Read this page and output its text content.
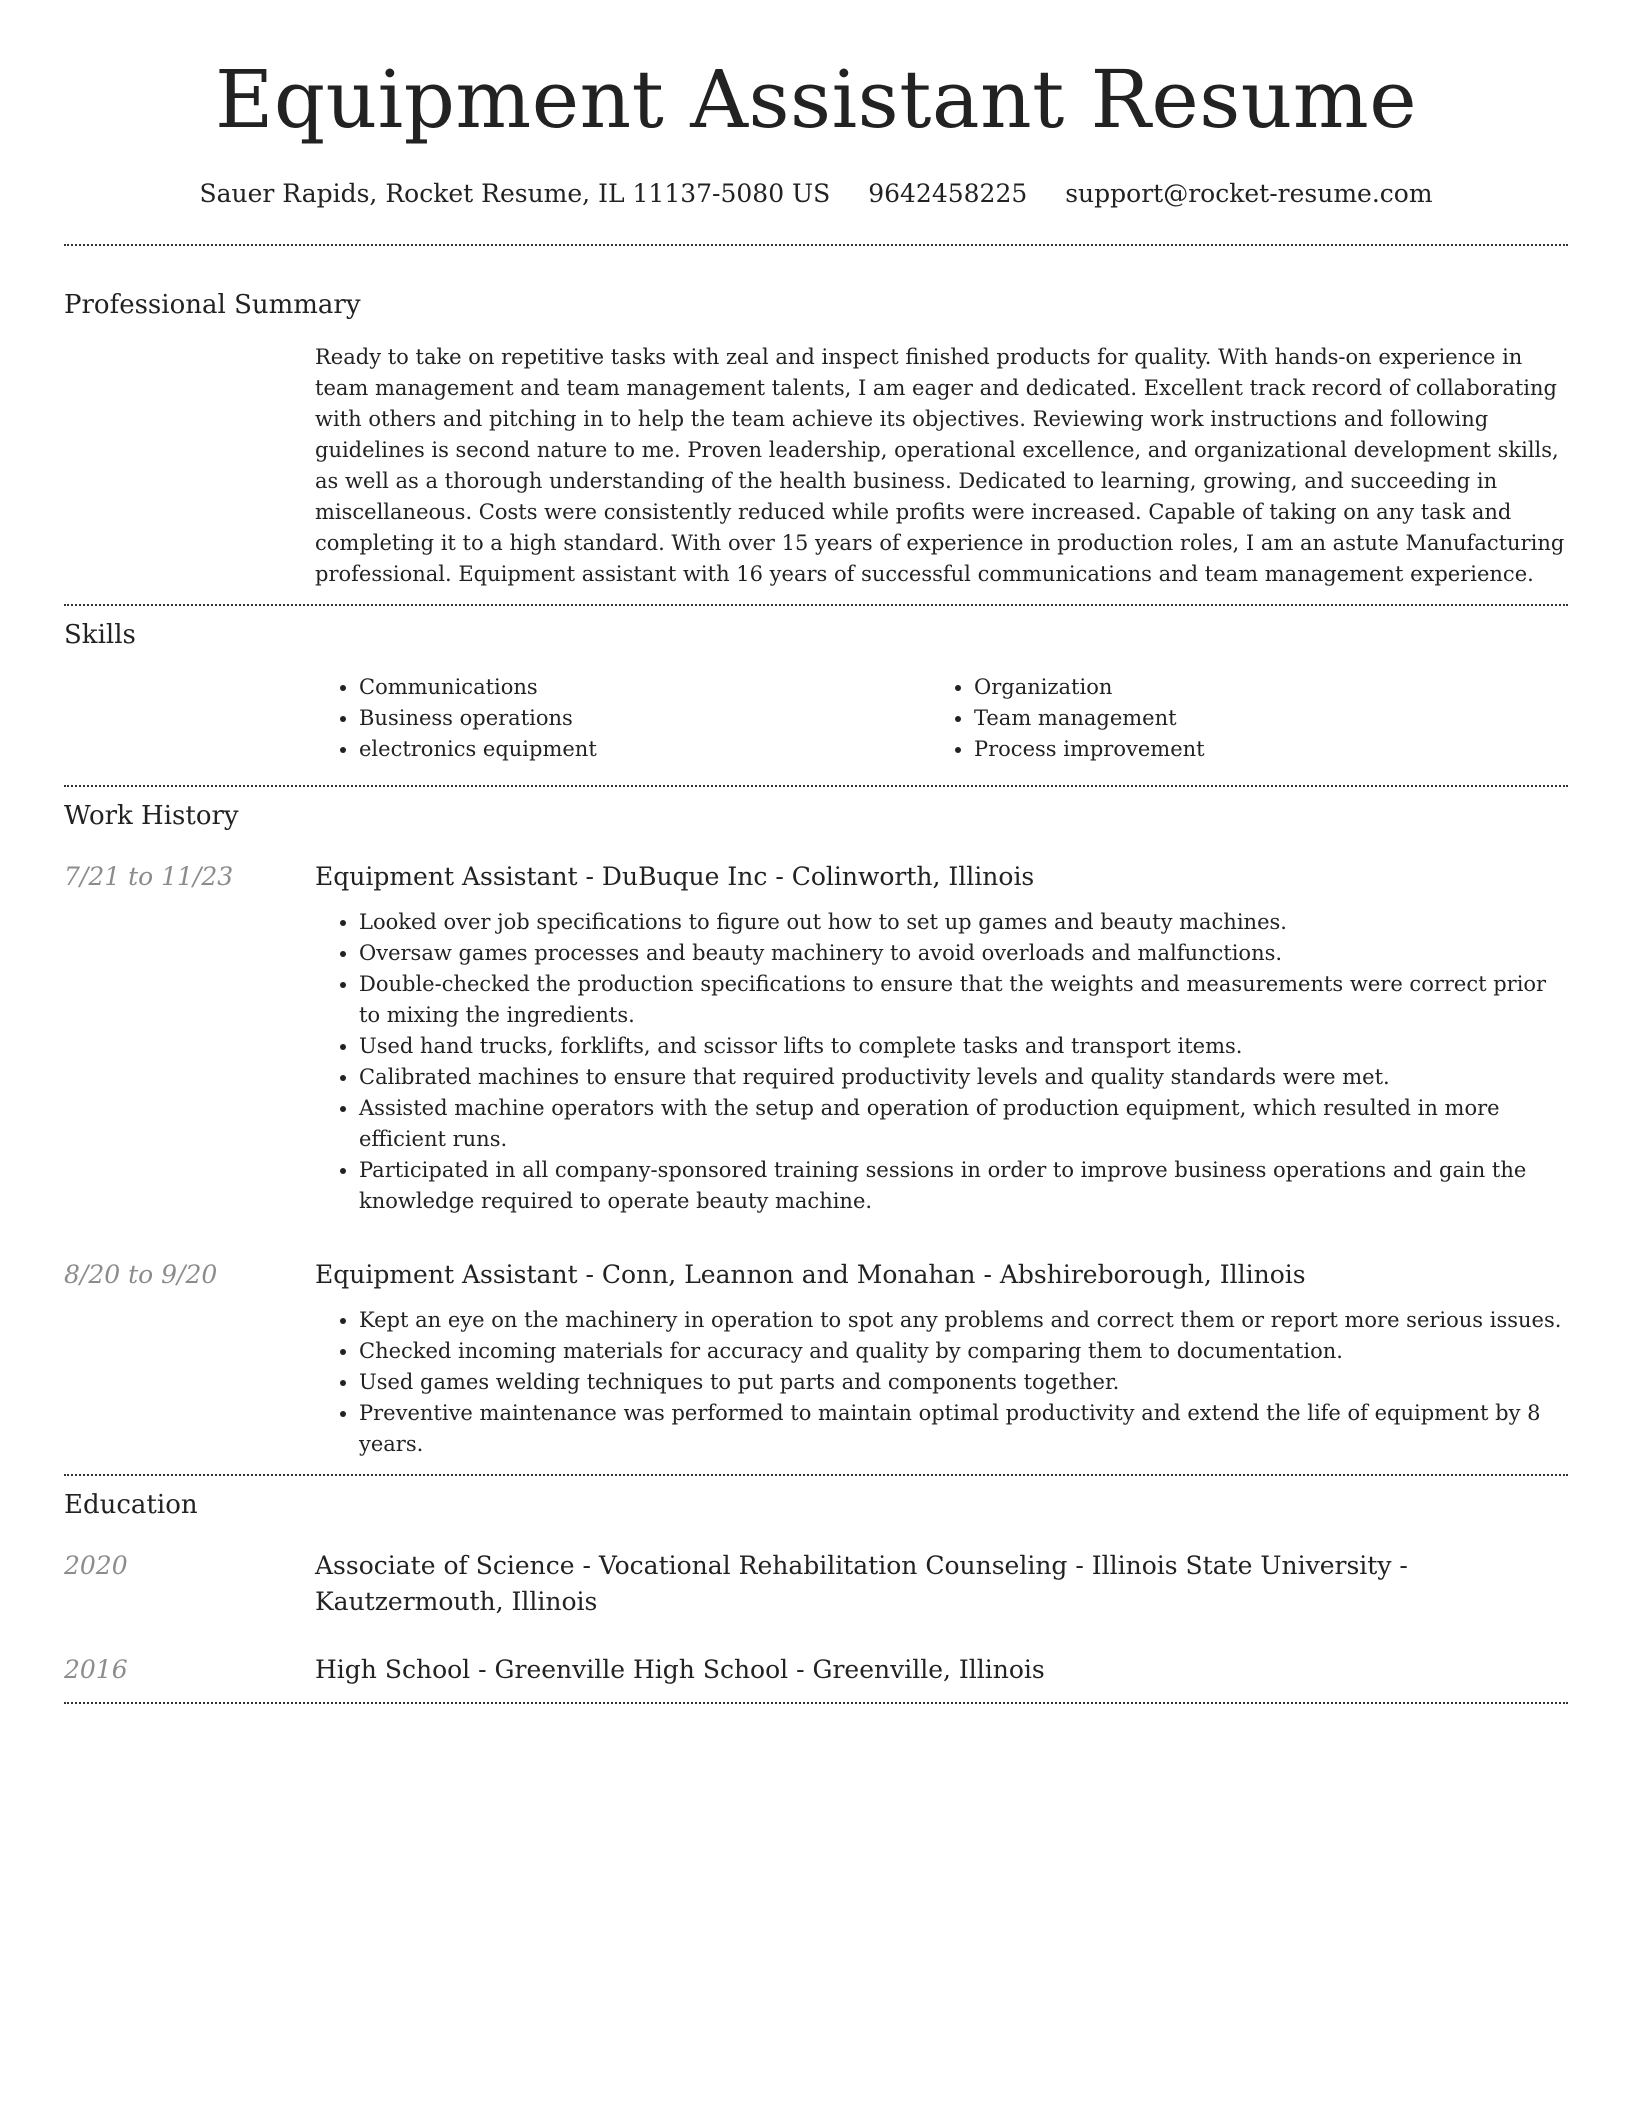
Equipment Assistant Resume
Sauer Rapids, Rocket Resume, IL 11137-5080 US 9642458225 support@rocket-resume.com
Professional Summary
Ready to take on repetitive tasks with zeal and inspect finished products for quality. With hands-on experience in team management and team management talents, I am eager and dedicated. Excellent track record of collaborating with others and pitching in to help the team achieve its objectives. Reviewing work instructions and following guidelines is second nature to me. Proven leadership, operational excellence, and organizational development skills, as well as a thorough understanding of the health business. Dedicated to learning, growing, and succeeding in miscellaneous. Costs were consistently reduced while profits were increased. Capable of taking on any task and completing it to a high standard. With over 15 years of experience in production roles, I am an astute Manufacturing professional. Equipment assistant with 16 years of successful communications and team management experience.
Skills
• Communications
• Business operations
• electronics equipment
• Organization
• Team management
• Process improvement
Work History
7/21 to 11/23	Equipment Assistant - DuBuque Inc - Colinworth, Illinois
• Looked over job specifications to figure out how to set up games and beauty machines.
• Oversaw games processes and beauty machinery to avoid overloads and malfunctions.
• Double-checked the production specifications to ensure that the weights and measurements were correct prior to mixing the ingredients.
• Used hand trucks, forklifts, and scissor lifts to complete tasks and transport items.
• Calibrated machines to ensure that required productivity levels and quality standards were met.
• Assisted machine operators with the setup and operation of production equipment, which resulted in more efficient runs.
• Participated in all company-sponsored training sessions in order to improve business operations and gain the knowledge required to operate beauty machine.
8/20 to 9/20	Equipment Assistant - Conn, Leannon and Monahan - Abshireborough, Illinois
• Kept an eye on the machinery in operation to spot any problems and correct them or report more serious issues.
• Checked incoming materials for accuracy and quality by comparing them to documentation.
• Used games welding techniques to put parts and components together.
• Preventive maintenance was performed to maintain optimal productivity and extend the life of equipment by 8 years.
Education
2020	Associate of Science - Vocational Rehabilitation Counseling - Illinois State University - Kautzermouth, Illinois
2016	High School - Greenville High School - Greenville, Illinois
